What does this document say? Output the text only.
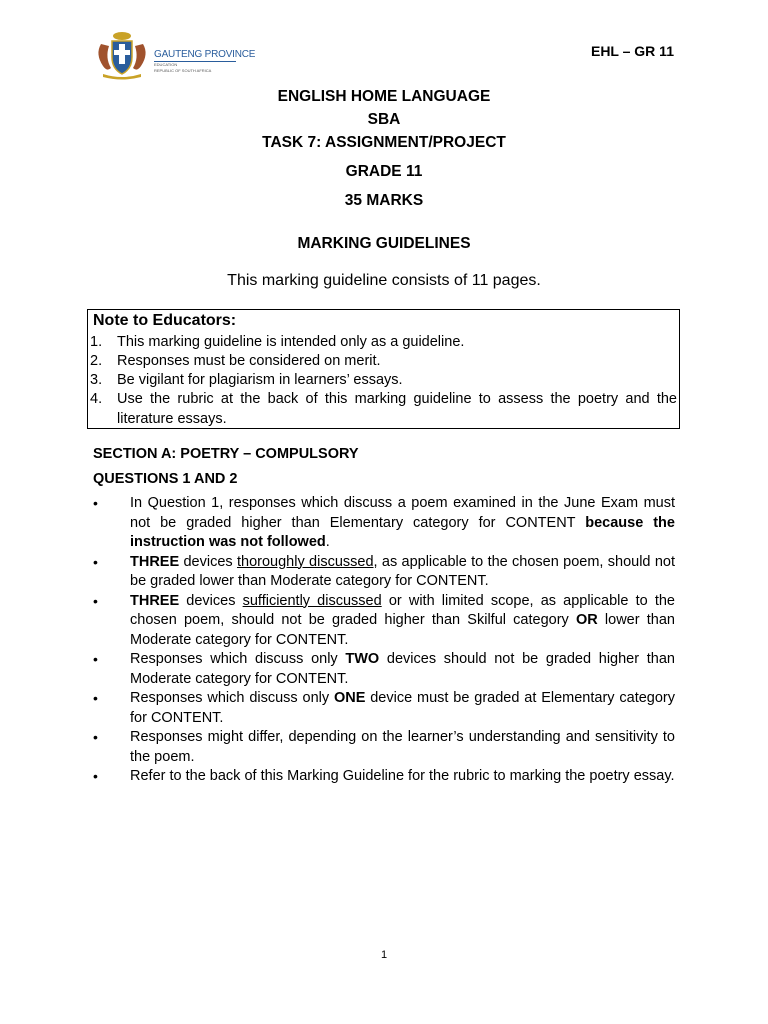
GAUTENG PROVINCE
EDUCATION
REPUBLIC OF SOUTH AFRICA
EHL – GR 11
ENGLISH HOME LANGUAGE
SBA
TASK 7: ASSIGNMENT/PROJECT
GRADE 11
35 MARKS
MARKING GUIDELINES
This marking guideline consists of 11 pages.
Note to Educators:
1. This marking guideline is intended only as a guideline.
2. Responses must be considered on merit.
3. Be vigilant for plagiarism in learners’ essays.
4. Use the rubric at the back of this marking guideline to assess the poetry and the literature essays.
SECTION A: POETRY – COMPULSORY
QUESTIONS 1 AND 2
• In Question 1, responses which discuss a poem examined in the June Exam must not be graded higher than Elementary category for CONTENT because the instruction was not followed.
• THREE devices thoroughly discussed, as applicable to the chosen poem, should not be graded lower than Moderate category for CONTENT.
• THREE devices sufficiently discussed or with limited scope, as applicable to the chosen poem, should not be graded higher than Skilful category OR lower than Moderate category for CONTENT.
• Responses which discuss only TWO devices should not be graded higher than Moderate category for CONTENT.
• Responses which discuss only ONE device must be graded at Elementary category for CONTENT.
• Responses might differ, depending on the learner’s understanding and sensitivity to the poem.
• Refer to the back of this Marking Guideline for the rubric to marking the poetry essay.
1
